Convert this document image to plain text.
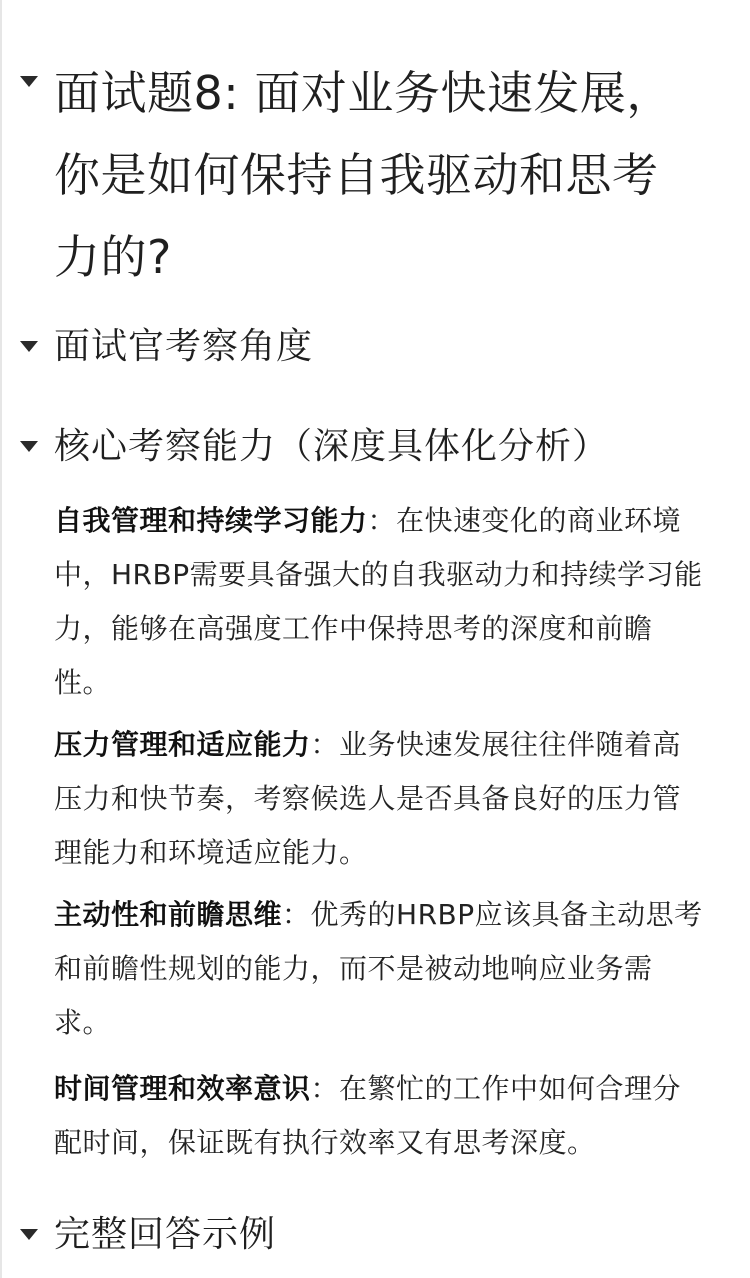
面试题8: 面对业务快速发展，你是如何保持自我驱动和思考力的?
面试官考察角度
核心考察能力（深度具体化分析）
自我管理和持续学习能力：在快速变化的商业环境中，HRBP需要具备强大的自我驱动力和持续学习能力，能够在高强度工作中保持思考的深度和前瞻性。
压力管理和适应能力：业务快速发展往往伴随着高压力和快节奏，考察候选人是否具备良好的压力管理能力和环境适应能力。
主动性和前瞻思维：优秀的HRBP应该具备主动思考和前瞻性规划的能力，而不是被动地响应业务需求。
时间管理和效率意识：在繁忙的工作中如何合理分配时间，保证既有执行效率又有思考深度。
完整回答示例
